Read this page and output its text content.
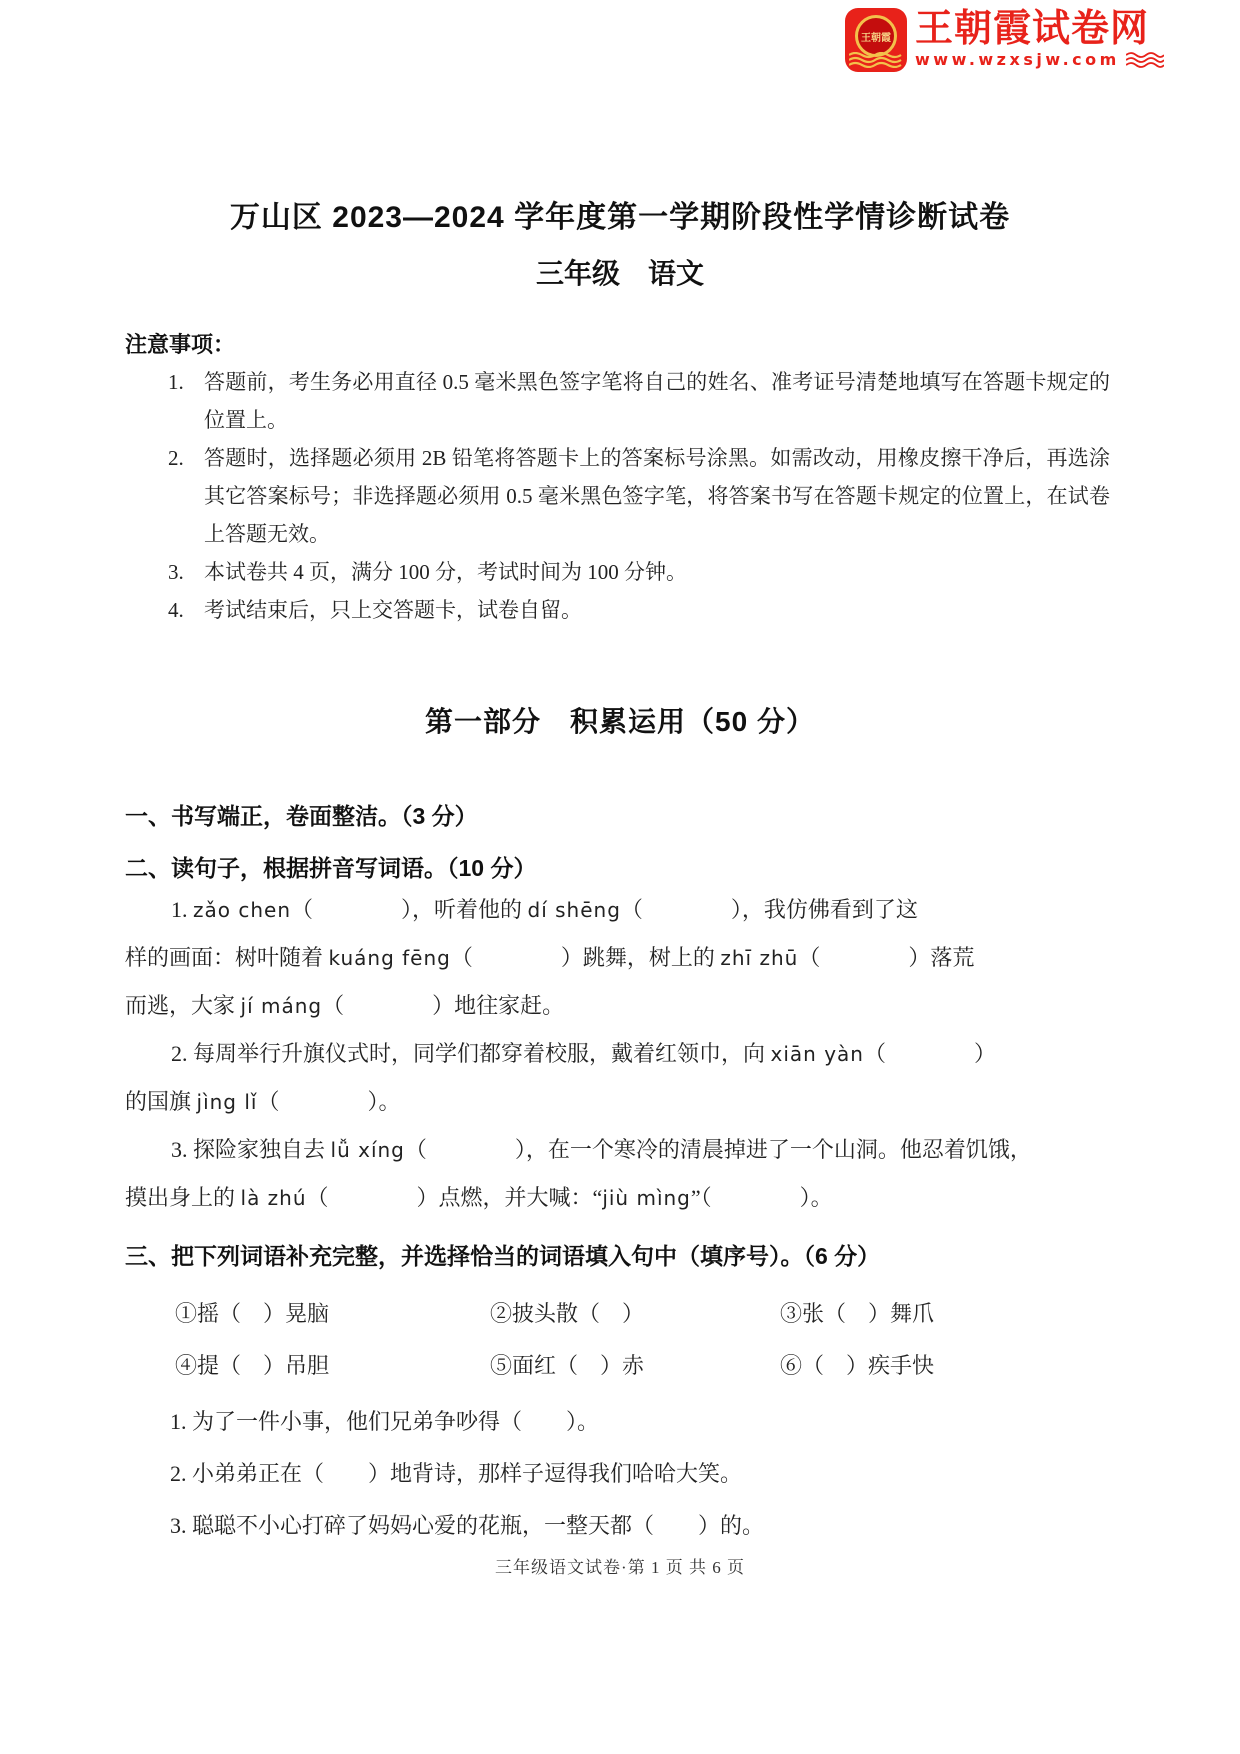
王朝霞 王朝霞试卷网
www.wzxsjw.com
万山区 2023—2024 学年度第一学期阶段性学情诊断试卷
三年级　语文
注意事项：
1. 答题前，考生务必用直径 0.5 毫米黑色签字笔将自己的姓名、准考证号清楚地填写在答题卡规定的位置上。
2. 答题时，选择题必须用 2B 铅笔将答题卡上的答案标号涂黑。如需改动，用橡皮擦干净后，再选涂其它答案标号；非选择题必须用 0.5 毫米黑色签字笔，将答案书写在答题卡规定的位置上，在试卷上答题无效。
3. 本试卷共 4 页，满分 100 分，考试时间为 100 分钟。
4. 考试结束后，只上交答题卡，试卷自留。
第一部分　积累运用（50 分）
一、书写端正，卷面整洁。（3 分）
二、读句子，根据拼音写词语。（10 分）
1. zǎo chen（　　　　），听着他的 dí shēng（　　　　），我仿佛看到了这
样的画面：树叶随着 kuáng fēng（　　　　）跳舞，树上的 zhī zhū（　　　　）落荒
而逃，大家 jí máng（　　　　）地往家赶。
2. 每周举行升旗仪式时，同学们都穿着校服，戴着红领巾，向 xiān yàn（　　　　）
的国旗 jìng lǐ（　　　　）。
3. 探险家独自去 lǚ xíng（　　　　），在一个寒冷的清晨掉进了一个山洞。他忍着饥饿，
摸出身上的 là zhú（　　　　）点燃，并大喊：“jiù mìng”（　　　　）。
三、把下列词语补充完整，并选择恰当的词语填入句中（填序号）。（6 分）
①摇（　）晃脑	②披头散（　）	③张（　）舞爪
④提（　）吊胆	⑤面红（　）赤	⑥（　）疾手快
1. 为了一件小事，他们兄弟争吵得（　　）。
2. 小弟弟正在（　　）地背诗，那样子逗得我们哈哈大笑。
3. 聪聪不小心打碎了妈妈心爱的花瓶，一整天都（　　）的。
三年级语文试卷·第 1 页 共 6 页
